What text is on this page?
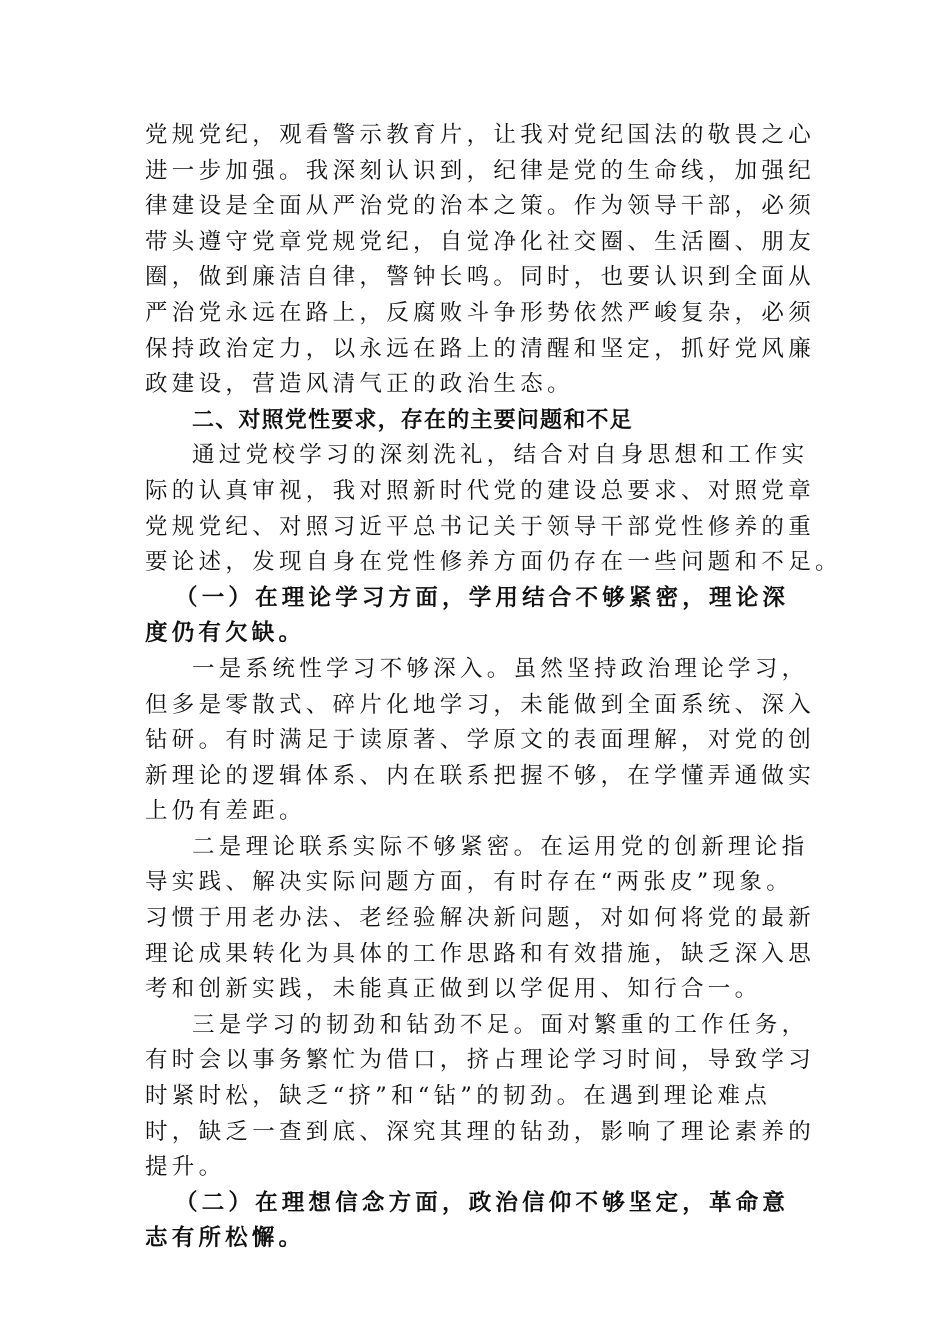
党规党纪，观看警示教育片，让我对党纪国法的敬畏之心
进一步加强。我深刻认识到，纪律是党的生命线，加强纪
律建设是全面从严治党的治本之策。作为领导干部，必须
带头遵守党章党规党纪，自觉净化社交圈、生活圈、朋友
圈，做到廉洁自律，警钟长鸣。同时，也要认识到全面从
严治党永远在路上，反腐败斗争形势依然严峻复杂，必须
保持政治定力，以永远在路上的清醒和坚定，抓好党风廉
政建设，营造风清气正的政治生态。
二、对照党性要求，存在的主要问题和不足
通过党校学习的深刻洗礼，结合对自身思想和工作实
际的认真审视，我对照新时代党的建设总要求、对照党章
党规党纪、对照习近平总书记关于领导干部党性修养的重
要论述，发现自身在党性修养方面仍存在一些问题和不足。
（一）在理论学习方面，学用结合不够紧密，理论深
度仍有欠缺。
一是系统性学习不够深入。虽然坚持政治理论学习，
但多是零散式、碎片化地学习，未能做到全面系统、深入
钻研。有时满足于读原著、学原文的表面理解，对党的创
新理论的逻辑体系、内在联系把握不够，在学懂弄通做实
上仍有差距。
二是理论联系实际不够紧密。在运用党的创新理论指
导实践、解决实际问题方面，有时存在“两张皮”现象。
习惯于用老办法、老经验解决新问题，对如何将党的最新
理论成果转化为具体的工作思路和有效措施，缺乏深入思
考和创新实践，未能真正做到以学促用、知行合一。
三是学习的韧劲和钻劲不足。面对繁重的工作任务，
有时会以事务繁忙为借口，挤占理论学习时间，导致学习
时紧时松，缺乏“挤”和“钻”的韧劲。在遇到理论难点
时，缺乏一查到底、深究其理的钻劲，影响了理论素养的
提升。
（二）在理想信念方面，政治信仰不够坚定，革命意
志有所松懈。
